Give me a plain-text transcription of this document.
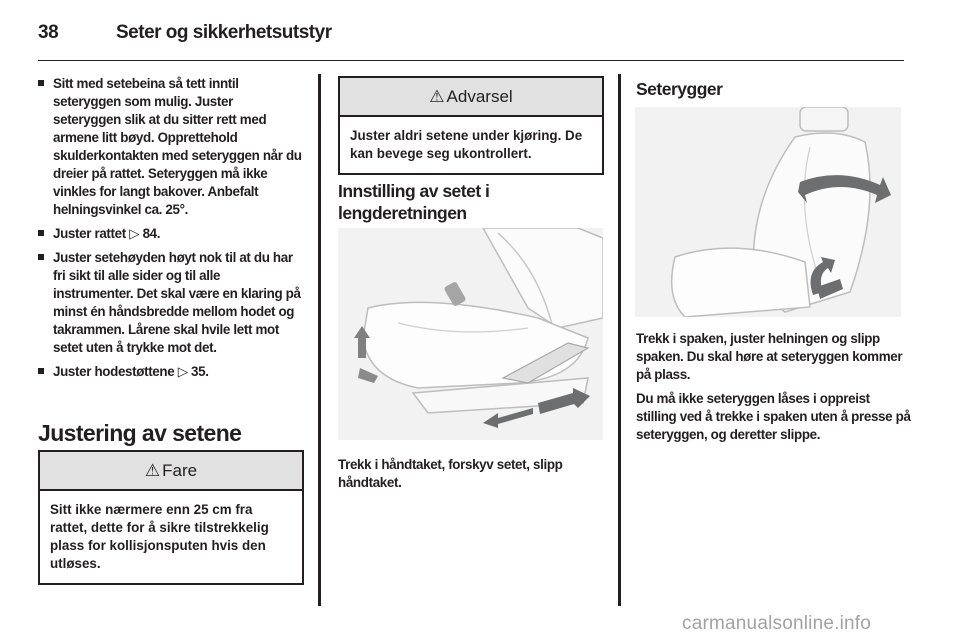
38	Seter og sikkerhetsutstyr
Sitt med setebeina så tett inntil seteryggen som mulig. Juster seteryggen slik at du sitter rett med armene litt bøyd. Opprettehold skulderkontakten med seteryggen når du dreier på rattet. Seteryggen må ikke vinkles for langt bakover. Anbefalt helningsvinkel ca. 25°.
Juster rattet ▷ 84.
Juster setehøyden høyt nok til at du har fri sikt til alle sider og til alle instrumenter. Det skal være en klaring på minst én håndsbredde mellom hodet og takrammen. Lårene skal hvile lett mot setet uten å trykke mot det.
Juster hodestøttene ▷ 35.
Justering av setene
⚠ Fare
Sitt ikke nærmere enn 25 cm fra rattet, dette for å sikre tilstrekkelig plass for kollisjonsputen hvis den utløses.
⚠ Advarsel
Juster aldri setene under kjøring. De kan bevege seg ukontrollert.
Innstilling av setet i lengderetningen

Trekk i håndtaket, forskyv setet, slipp håndtaket.

Seterygger

Trekk i spaken, juster helningen og slipp spaken. Du skal høre at seteryggen kommer på plass.

Du må ikke seteryggen låses i oppreist stilling ved å trekke i spaken uten å presse på seteryggen, og deretter slippe.

carmanualsonline.info
